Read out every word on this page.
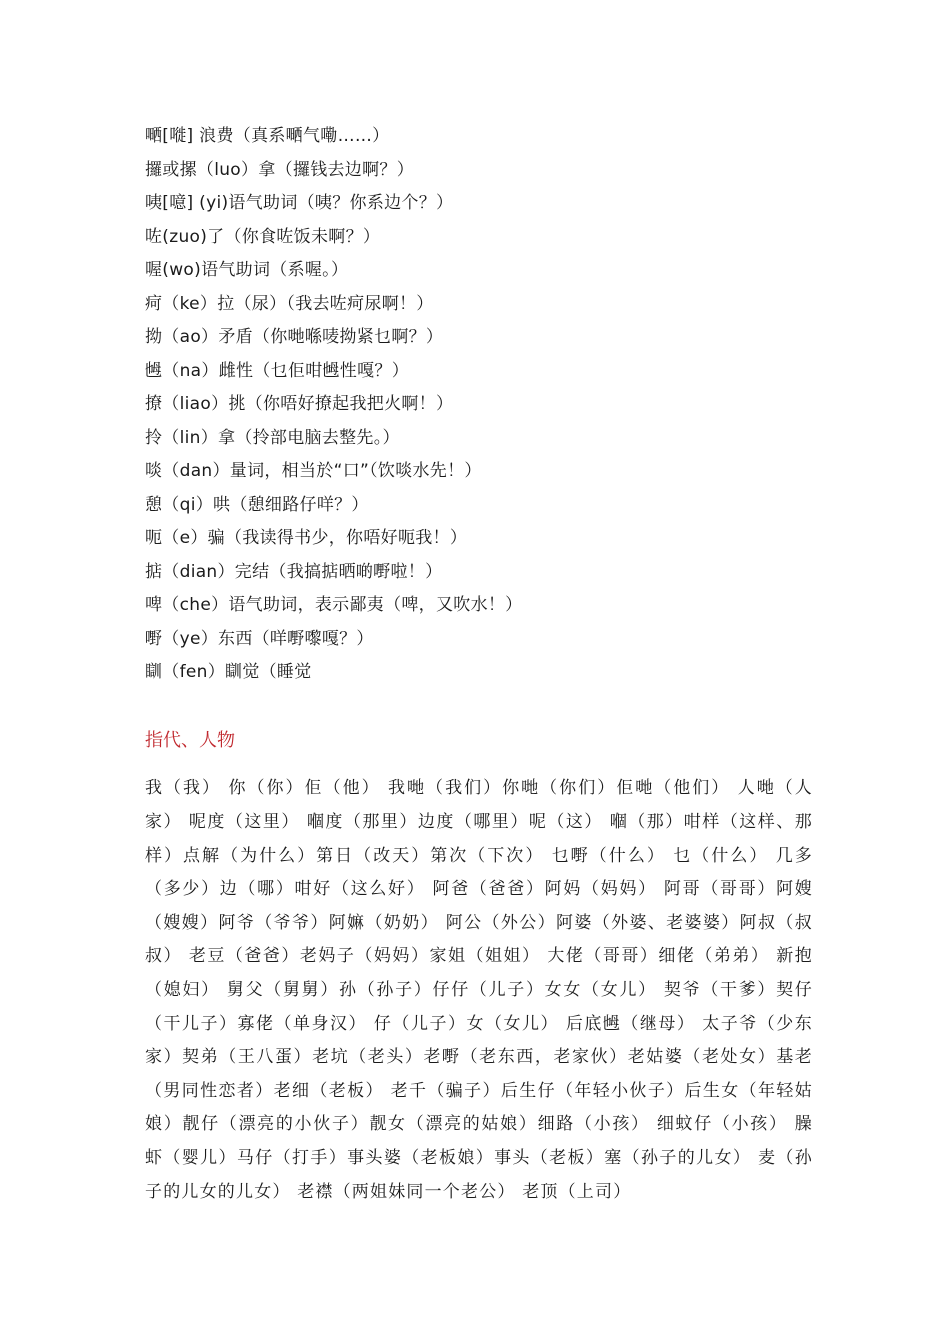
嗮[嘥] 浪费（真系嗮气嘞……）
攞或摞（luo）拿（攞钱去边啊？）
咦[噫] (yi)语气助词（咦？你系边个？）
咗(zuo)了（你食咗饭未啊？）
喔(wo)语气助词（系喔。）
疴（ke）拉（尿）（我去咗疴尿啊！）
拗（ao）矛盾（你哋喺唛拗紧乜啊？）
乸（na）雌性（乜佢咁乸性嘎？）
撩（liao）挑（你唔好撩起我把火啊！）
拎（lin）拿（拎部电脑去整先。）
啖（dan）量词，相当於“口”（饮啖水先！）
憩（qi）哄（憩细路仔咩？）
呃（e）骗（我读得书少，你唔好呃我！）
掂（dian）完结（我搞掂晒啲嘢啦！）
啤（che）语气助词，表示鄙夷（啤，又吹水！）
嘢（ye）东西（咩嘢嚟嘎？）
瞓（fen）瞓觉（睡觉
指代、人物

我（我） 你（你）佢（他） 我哋（我们）你哋（你们）佢哋（他们） 人哋（人家） 呢度（这里） 嗰度（那里）边度（哪里）呢（这） 嗰（那）咁样（这样、那样）点解（为什么）第日（改天）第次（下次） 乜嘢（什么） 乜（什么） 几多（多少）边（哪）咁好（这么好） 阿爸（爸爸）阿妈（妈妈） 阿哥（哥哥）阿嫂（嫂嫂）阿爷（爷爷）阿嫲（奶奶） 阿公（外公）阿婆（外婆、老婆婆）阿叔（叔叔） 老豆（爸爸）老妈子（妈妈）家姐（姐姐） 大佬（哥哥）细佬（弟弟） 新抱（媳妇） 舅父（舅舅）孙（孙子）仔仔（儿子）女女（女儿） 契爷（干爹）契仔（干儿子）寡佬（单身汉） 仔（儿子）女（女儿） 后底乸（继母） 太子爷（少东家）契弟（王八蛋）老坑（老头）老嘢（老东西，老家伙）老姑婆（老处女）基老（男同性恋者）老细（老板） 老千（骗子）后生仔（年轻小伙子）后生女（年轻姑娘）靓仔（漂亮的小伙子）靓女（漂亮的姑娘）细路（小孩） 细蚊仔（小孩） 臊虾（婴儿）马仔（打手）事头婆（老板娘）事头（老板）塞（孙子的儿女） 麦（孙子的儿女的儿女） 老襟（两姐妹同一个老公） 老顶（上司）
